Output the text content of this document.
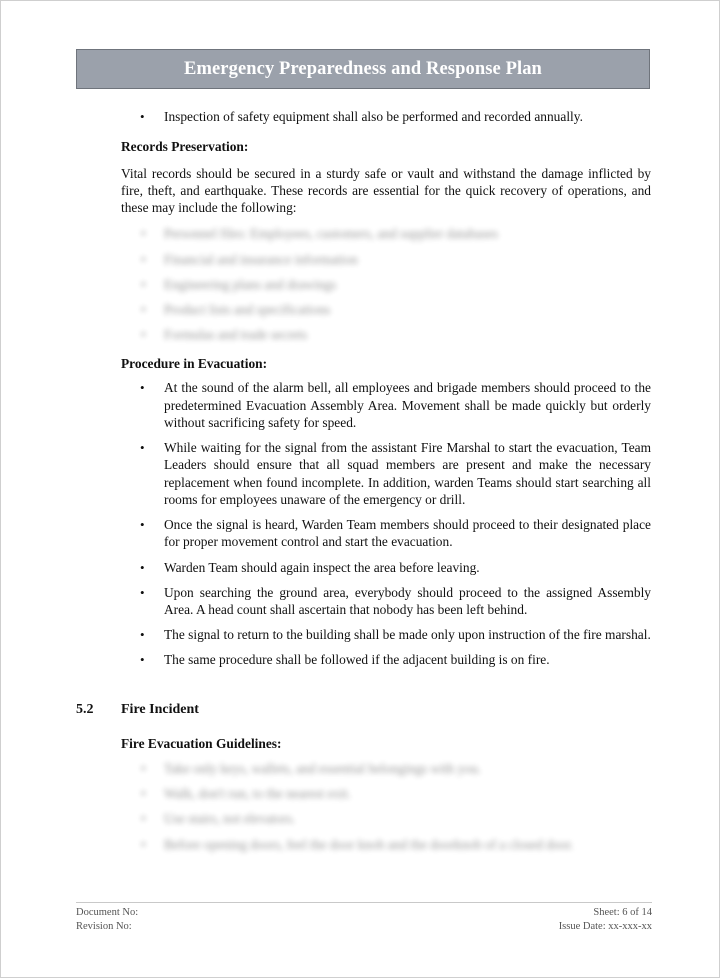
Emergency Preparedness and Response Plan
• Inspection of safety equipment shall also be performed and recorded annually.

Records Preservation:

Vital records should be secured in a sturdy safe or vault and withstand the damage inflicted by fire, theft, and earthquake. These records are essential for the quick recovery of operations, and these may include the following:

• Personnel files: Employees, customers, and supplier databases
• Financial and insurance information
• Engineering plans and drawings
• Product lists and specifications
• Formulas and trade secrets

Procedure in Evacuation:

• At the sound of the alarm bell, all employees and brigade members should proceed to the predetermined Evacuation Assembly Area. Movement shall be made quickly but orderly without sacrificing safety for speed.
• While waiting for the signal from the assistant Fire Marshal to start the evacuation, Team Leaders should ensure that all squad members are present and make the necessary replacement when found incomplete. In addition, warden Teams should start searching all rooms for employees unaware of the emergency or drill.
• Once the signal is heard, Warden Team members should proceed to their designated place for proper movement control and start the evacuation.
• Warden Team should again inspect the area before leaving.
• Upon searching the ground area, everybody should proceed to the assigned Assembly Area. A head count shall ascertain that nobody has been left behind.
• The signal to return to the building shall be made only upon instruction of the fire marshal.
• The same procedure shall be followed if the adjacent building is on fire.
5.2 Fire Incident

Fire Evacuation Guidelines:

• Take only keys, wallets, and essential belongings with you.
• Walk, don't run, to the nearest exit.
• Use stairs, not elevators.
• Before opening doors, feel the door knob and the doorknob of a closed door.
Document No:	Sheet: 6 of 14
Revision No:	Issue Date: xx-xxx-xx
